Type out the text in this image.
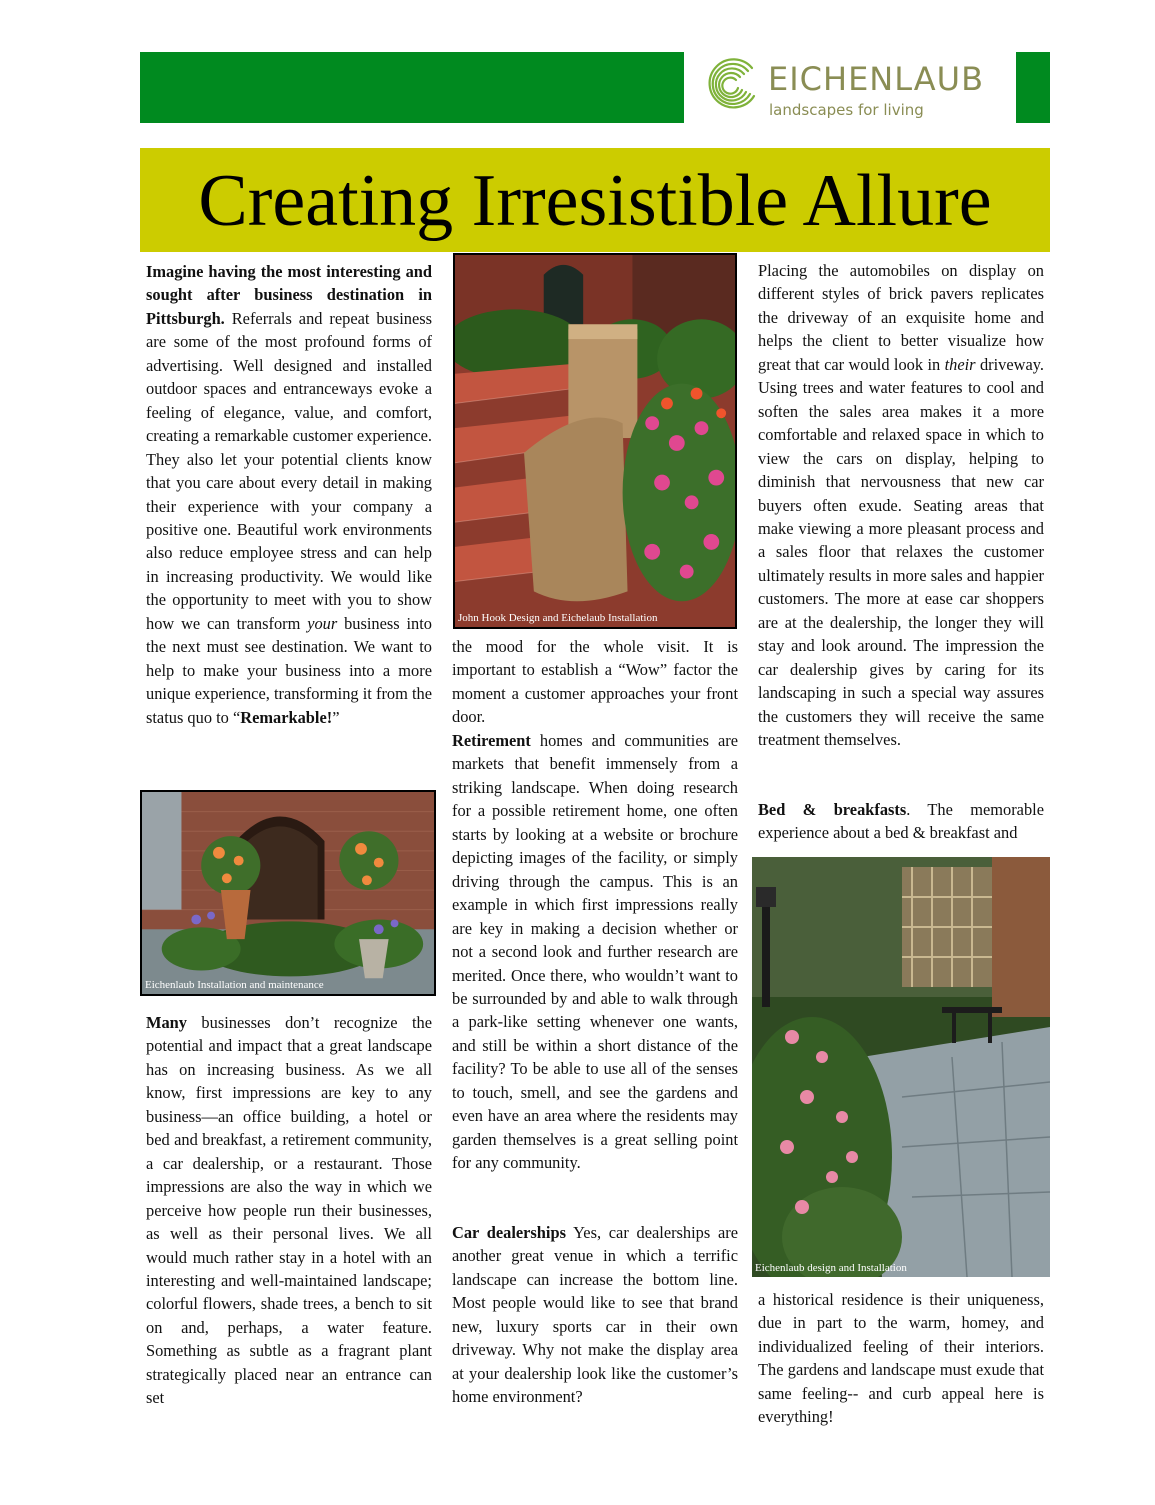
EICHENLAUB
landscapes for living
Creating Irresistible Allure

Imagine having the most interesting and sought after business destination in Pittsburgh. Referrals and repeat business are some of the most profound forms of advertising. Well designed and installed outdoor spaces and entranceways evoke a feeling of elegance, value, and comfort, creating a remarkable customer experience. They also let your potential clients know that you care about every detail in making their experience with your company a positive one. Beautiful work environments also reduce employee stress and can help in increasing productivity. We would like the opportunity to meet with you to show how we can transform your business into the next must see destination. We want to help to make your business into a more unique experience, transforming it from the status quo to “Remarkable!”

Eichenlaub Installation and maintenance

Many businesses don’t recognize the potential and impact that a great landscape has on increasing business. As we all know, first impressions are key to any business—an office building, a hotel or bed and breakfast, a retirement community, a car dealership, or a restaurant. Those impressions are also the way in which we perceive how people run their businesses, as well as their personal lives. We all would much rather stay in a hotel with an interesting and well-maintained landscape; colorful flowers, shade trees, a bench to sit on and, perhaps, a water feature. Something as subtle as a fragrant plant strategically placed near an entrance can set

John Hook Design and Eichelaub Installation

the mood for the whole visit. It is important to establish a “Wow” factor the moment a customer approaches your front door.

Retirement homes and communities are markets that benefit immensely from a striking landscape. When doing research for a possible retirement home, one often starts by looking at a website or brochure depicting images of the facility, or simply driving through the campus. This is an example in which first impressions really are key in making a decision whether or not a second look and further research are merited. Once there, who wouldn’t want to be surrounded by and able to walk through a park-like setting whenever one wants, and still be within a short distance of the facility? To be able to use all of the senses to touch, smell, and see the gardens and even have an area where the residents may garden themselves is a great selling point for any community.

Car dealerships Yes, car dealerships are another great venue in which a terrific landscape can increase the bottom line. Most people would like to see that brand new, luxury sports car in their own driveway. Why not make the display area at your dealership look like the customer’s home environment?

Placing the automobiles on display on different styles of brick pavers replicates the driveway of an exquisite home and helps the client to better visualize how great that car would look in their driveway. Using trees and water features to cool and soften the sales area makes it a more comfortable and relaxed space in which to view the cars on display, helping to diminish that nervousness that new car buyers often exude. Seating areas that make viewing a more pleasant process and a sales floor that relaxes the customer ultimately results in more sales and happier customers. The more at ease car shoppers are at the dealership, the longer they will stay and look around. The impression the car dealership gives by caring for its landscaping in such a special way assures the customers they will receive the same treatment themselves.

Bed & breakfasts. The memorable experience about a bed & breakfast and

Eichenlaub design and Installation

a historical residence is their uniqueness, due in part to the warm, homey, and individualized feeling of their interiors. The gardens and landscape must exude that same feeling-- and curb appeal here is everything!
